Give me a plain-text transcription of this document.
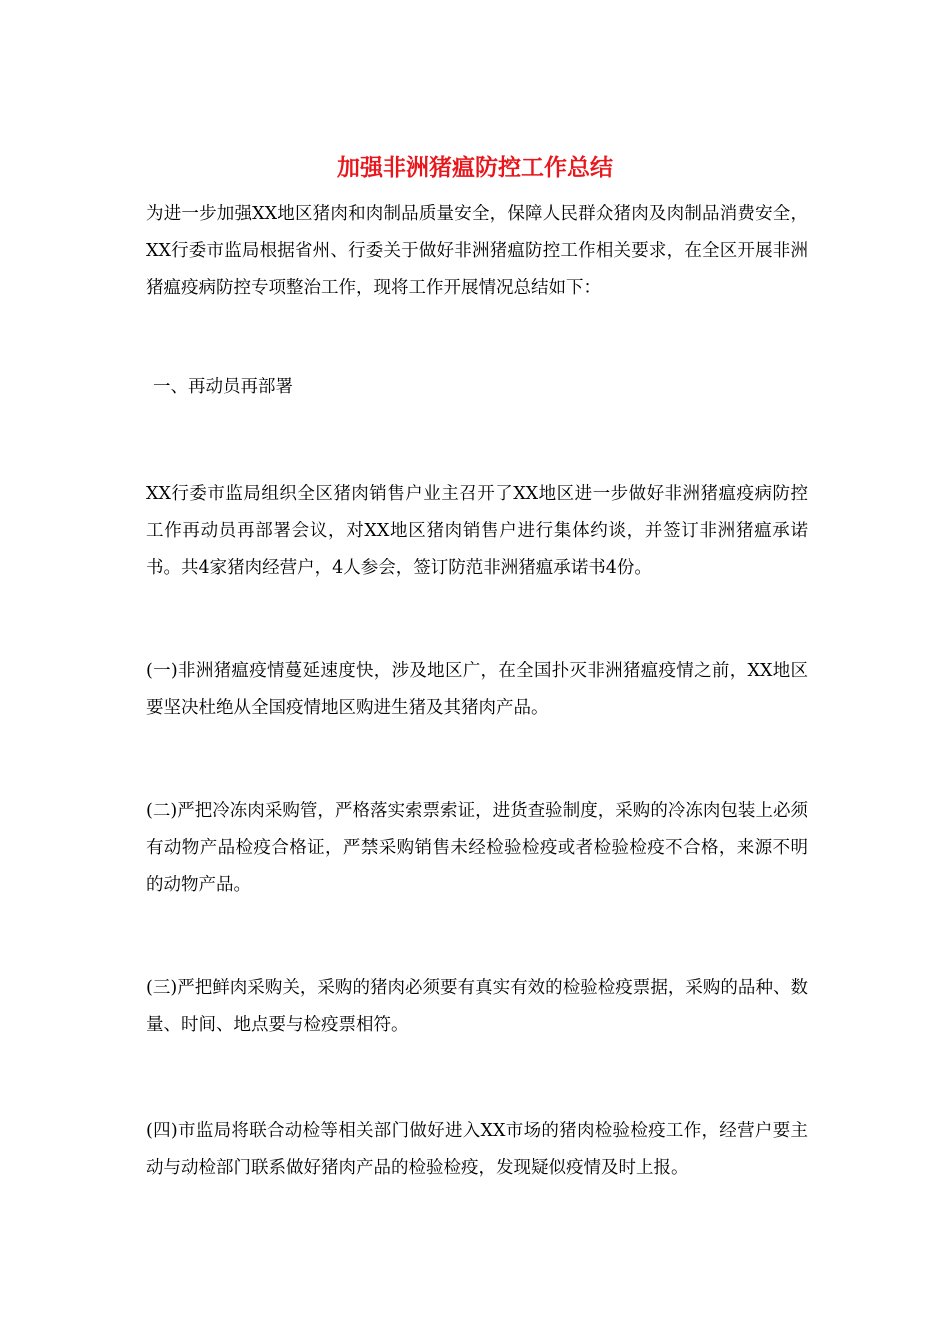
加强非洲猪瘟防控工作总结

为进一步加强XX地区猪肉和肉制品质量安全，保障人民群众猪肉及肉制品消费安全，XX行委市监局根据省州、行委关于做好非洲猪瘟防控工作相关要求，在全区开展非洲猪瘟疫病防控专项整治工作，现将工作开展情况总结如下：

一、再动员再部署

XX行委市监局组织全区猪肉销售户业主召开了XX地区进一步做好非洲猪瘟疫病防控工作再动员再部署会议，对XX地区猪肉销售户进行集体约谈，并签订非洲猪瘟承诺书。共4家猪肉经营户，4人参会，签订防范非洲猪瘟承诺书4份。

(一)非洲猪瘟疫情蔓延速度快，涉及地区广，在全国扑灭非洲猪瘟疫情之前，XX地区要坚决杜绝从全国疫情地区购进生猪及其猪肉产品。

(二)严把冷冻肉采购管，严格落实索票索证，进货查验制度，采购的冷冻肉包装上必须有动物产品检疫合格证，严禁采购销售未经检验检疫或者检验检疫不合格，来源不明的动物产品。

(三)严把鲜肉采购关，采购的猪肉必须要有真实有效的检验检疫票据，采购的品种、数量、时间、地点要与检疫票相符。

(四)市监局将联合动检等相关部门做好进入XX市场的猪肉检验检疫工作，经营户要主动与动检部门联系做好猪肉产品的检验检疫，发现疑似疫情及时上报。
